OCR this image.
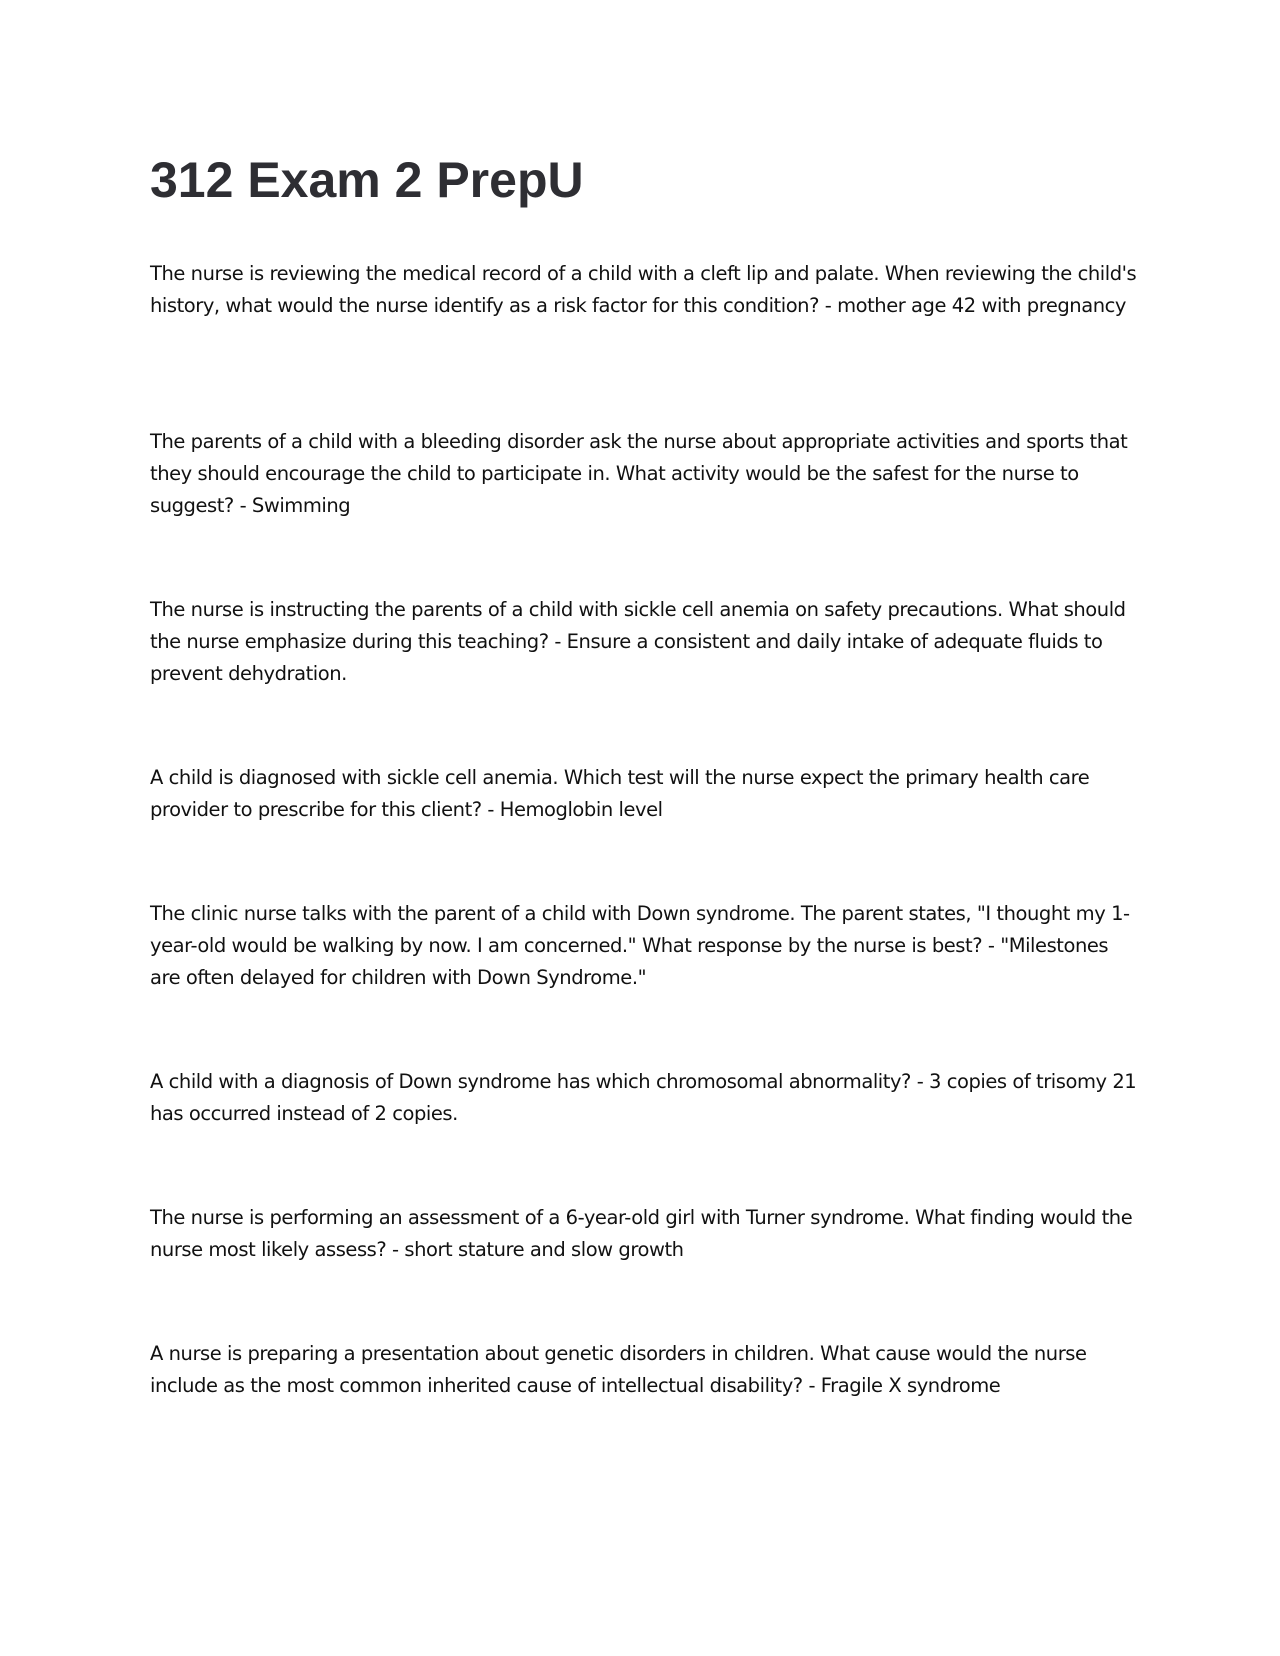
312 Exam 2 PrepU

The nurse is reviewing the medical record of a child with a cleft lip and palate. When reviewing the child's history, what would the nurse identify as a risk factor for this condition? - mother age 42 with pregnancy

The parents of a child with a bleeding disorder ask the nurse about appropriate activities and sports that they should encourage the child to participate in. What activity would be the safest for the nurse to suggest? - Swimming

The nurse is instructing the parents of a child with sickle cell anemia on safety precautions. What should the nurse emphasize during this teaching? - Ensure a consistent and daily intake of adequate fluids to prevent dehydration.

A child is diagnosed with sickle cell anemia. Which test will the nurse expect the primary health care provider to prescribe for this client? - Hemoglobin level

The clinic nurse talks with the parent of a child with Down syndrome. The parent states, "I thought my 1-year-old would be walking by now. I am concerned." What response by the nurse is best? - "Milestones are often delayed for children with Down Syndrome."

A child with a diagnosis of Down syndrome has which chromosomal abnormality? - 3 copies of trisomy 21 has occurred instead of 2 copies.

The nurse is performing an assessment of a 6-year-old girl with Turner syndrome. What finding would the nurse most likely assess? - short stature and slow growth

A nurse is preparing a presentation about genetic disorders in children. What cause would the nurse include as the most common inherited cause of intellectual disability? - Fragile X syndrome
